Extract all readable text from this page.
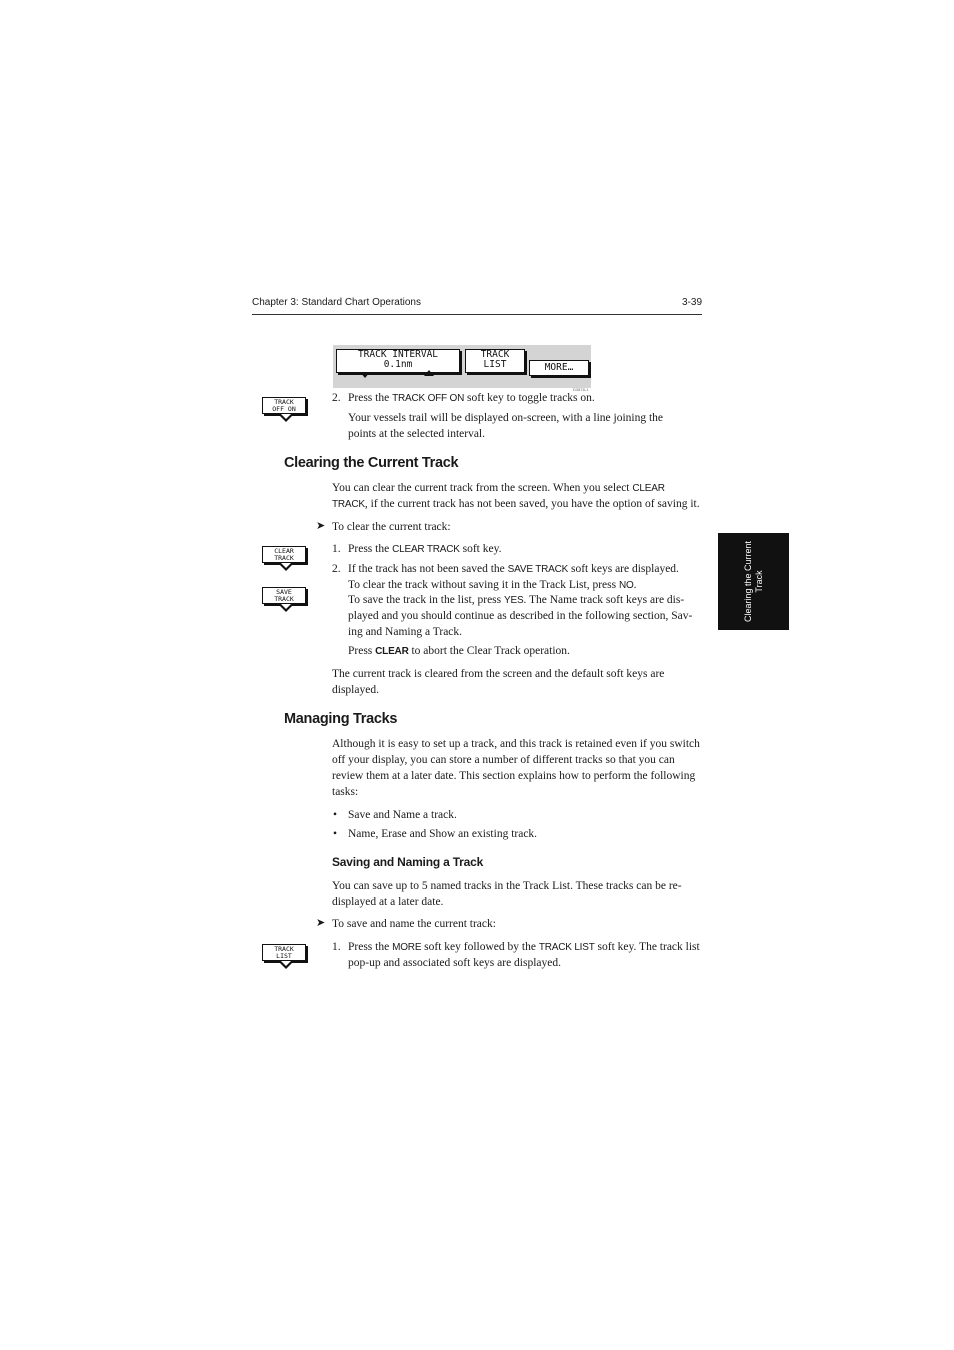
Chapter 3: Standard Chart Operations	3-39
TRACK INTERVAL
0.1nm
TRACK
LIST	MORE…
D3878-1
TRACK
OFF ON
2. Press the TRACK OFF ON soft key to toggle tracks on.
Your vessels trail will be displayed on-screen, with a line joining the
points at the selected interval.
Clearing the Current Track
You can clear the current track from the screen. When you select CLEAR
TRACK, if the current track has not been saved, you have the option of saving it.
➤ To clear the current track:
CLEAR
TRACK
1. Press the CLEAR TRACK soft key.
2. If the track has not been saved the SAVE TRACK soft keys are displayed.
To clear the track without saving it in the Track List, press NO.
To save the track in the list, press YES. The Name track soft keys are dis-
played and you should continue as described in the following section, Sav-
ing and Naming a Track.
SAVE
TRACK
Press CLEAR to abort the Clear Track operation.
The current track is cleared from the screen and the default soft keys are
displayed.
Managing Tracks
Although it is easy to set up a track, and this track is retained even if you switch
off your display, you can store a number of different tracks so that you can
review them at a later date. This section explains how to perform the following
tasks:
• Save and Name a track.
• Name, Erase and Show an existing track.
Saving and Naming a Track
You can save up to 5 named tracks in the Track List. These tracks can be re-
displayed at a later date.
➤ To save and name the current track:
TRACK
LIST
1. Press the MORE soft key followed by the TRACK LIST soft key. The track list
pop-up and associated soft keys are displayed.
Clearing the Current Track
